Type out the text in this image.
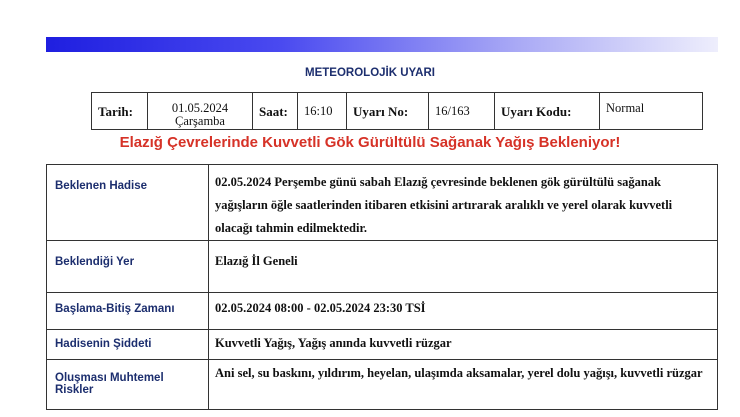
METEOROLOJİK UYARI
Tarih:	01.05.2024
Çarşamba
	Saat:	16:10	Uyarı No:	16/163	Uyarı Kodu:	Normal
Elazığ Çevrelerinde Kuvvetli Gök Gürültülü Sağanak Yağış Bekleniyor!
Beklenen Hadise	02.05.2024 Perşembe günü sabah Elazığ çevresinde beklenen gök gürültülü sağanak yağışların öğle saatlerinden itibaren etkisini artırarak aralıklı ve yerel olarak kuvvetli olacağı tahmin edilmektedir.
Beklendiği Yer	Elazığ İl Geneli
Başlama-Bitiş Zamanı	02.05.2024 08:00 - 02.05.2024 23:30 TSİ
Hadisenin Şiddeti	Kuvvetli Yağış, Yağış anında kuvvetli rüzgar
Oluşması Muhtemel Riskler	Ani sel, su baskını, yıldırım, heyelan, ulaşımda aksamalar, yerel dolu yağışı, kuvvetli rüzgar
